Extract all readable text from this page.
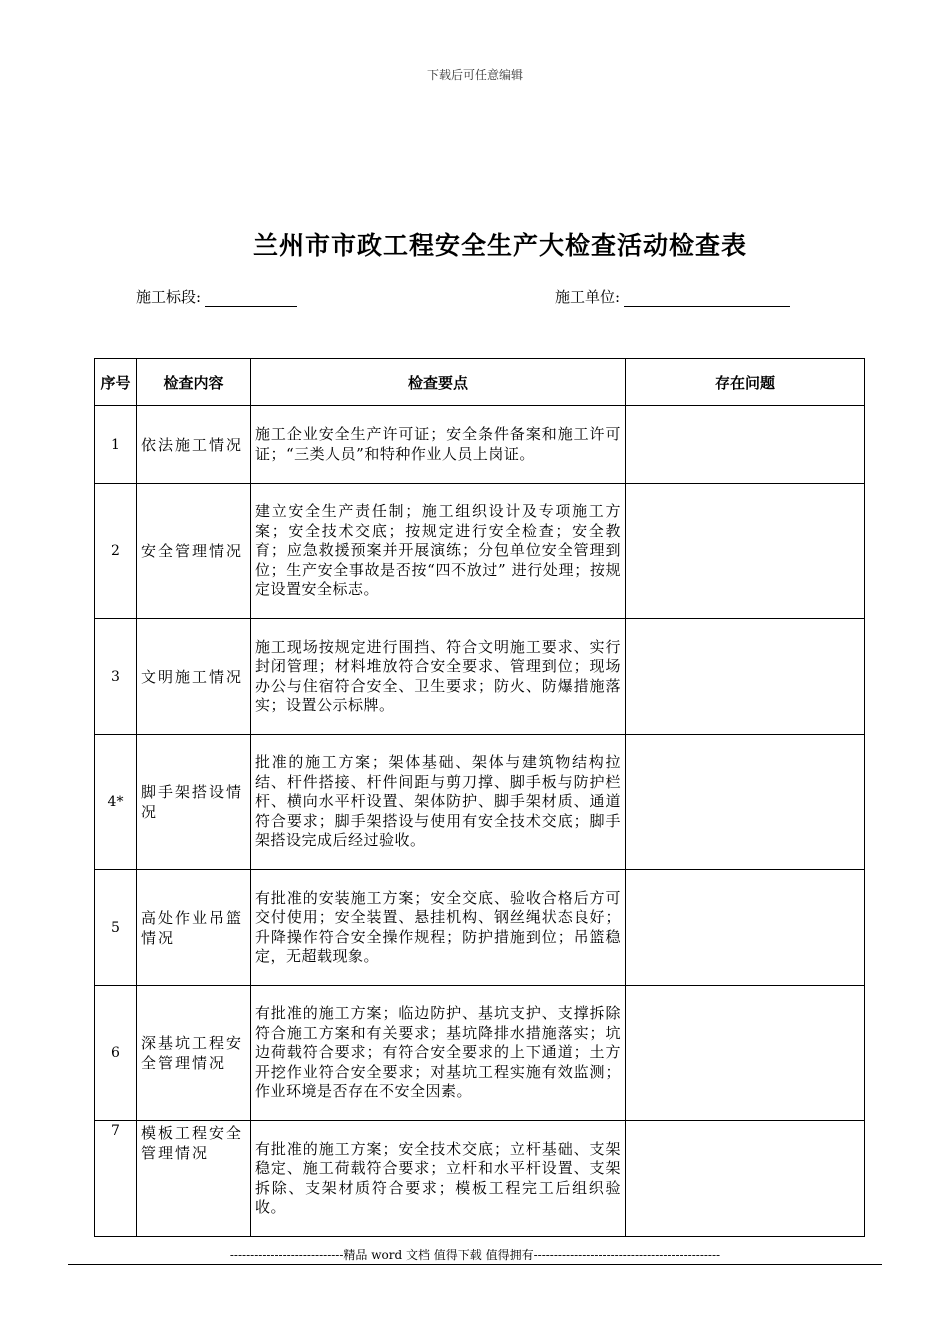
下载后可任意编辑
兰州市市政工程安全生产大检查活动检查表
施工标段:	施工单位:
序号	检查内容	检查要点	存在问题
1	依法施工情况	施工企业安全生产许可证；安全条件备案和施工许可证；“三类人员”和特种作业人员上岗证。	
2	安全管理情况	建立安全生产责任制；施工组织设计及专项施工方案；安全技术交底；按规定进行安全检查；安全教育；应急救援预案并开展演练；分包单位安全管理到位；生产安全事故是否按“四不放过” 进行处理；按规定设置安全标志。	
3	文明施工情况	施工现场按规定进行围挡、符合文明施工要求、实行封闭管理；材料堆放符合安全要求、管理到位；现场办公与住宿符合安全、卫生要求；防火、防爆措施落实；设置公示标牌。	
4*	脚手架搭设情况	批准的施工方案；架体基础、架体与建筑物结构拉结、杆件搭接、杆件间距与剪刀撑、脚手板与防护栏杆、横向水平杆设置、架体防护、脚手架材质、通道符合要求；脚手架搭设与使用有安全技术交底；脚手架搭设完成后经过验收。	
5	高处作业吊篮情况	有批准的安装施工方案；安全交底、验收合格后方可交付使用；安全装置、悬挂机构、钢丝绳状态良好；升降操作符合安全操作规程；防护措施到位；吊篮稳定，无超载现象。	
6	深基坑工程安全管理情况	有批准的施工方案；临边防护、基坑支护、支撑拆除符合施工方案和有关要求；基坑降排水措施落实；坑边荷载符合要求；有符合安全要求的上下通道；土方开挖作业符合安全要求；对基坑工程实施有效监测；作业环境是否存在不安全因素。	
7	模板工程安全管理情况	有批准的施工方案；安全技术交底；立杆基础、支架稳定、施工荷载符合要求；立杆和水平杆设置、支架拆除、支架材质符合要求；模板工程完工后组织验收。	
----------------------------精品 word 文档 值得下载 值得拥有----------------------------------------------
